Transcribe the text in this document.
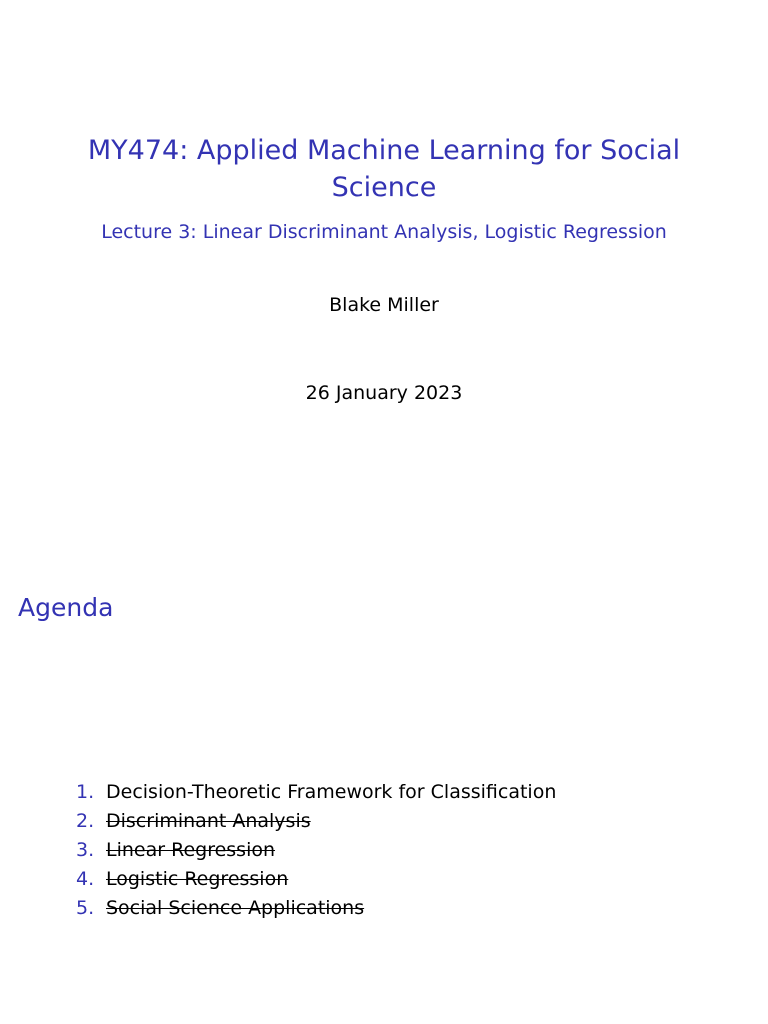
MY474: Applied Machine Learning for Social Science
Lecture 3: Linear Discriminant Analysis, Logistic Regression
Blake Miller
26 January 2023
Agenda
1. Decision-Theoretic Framework for Classification
2. Discriminant Analysis
3. Linear Regression
4. Logistic Regression
5. Social Science Applications
